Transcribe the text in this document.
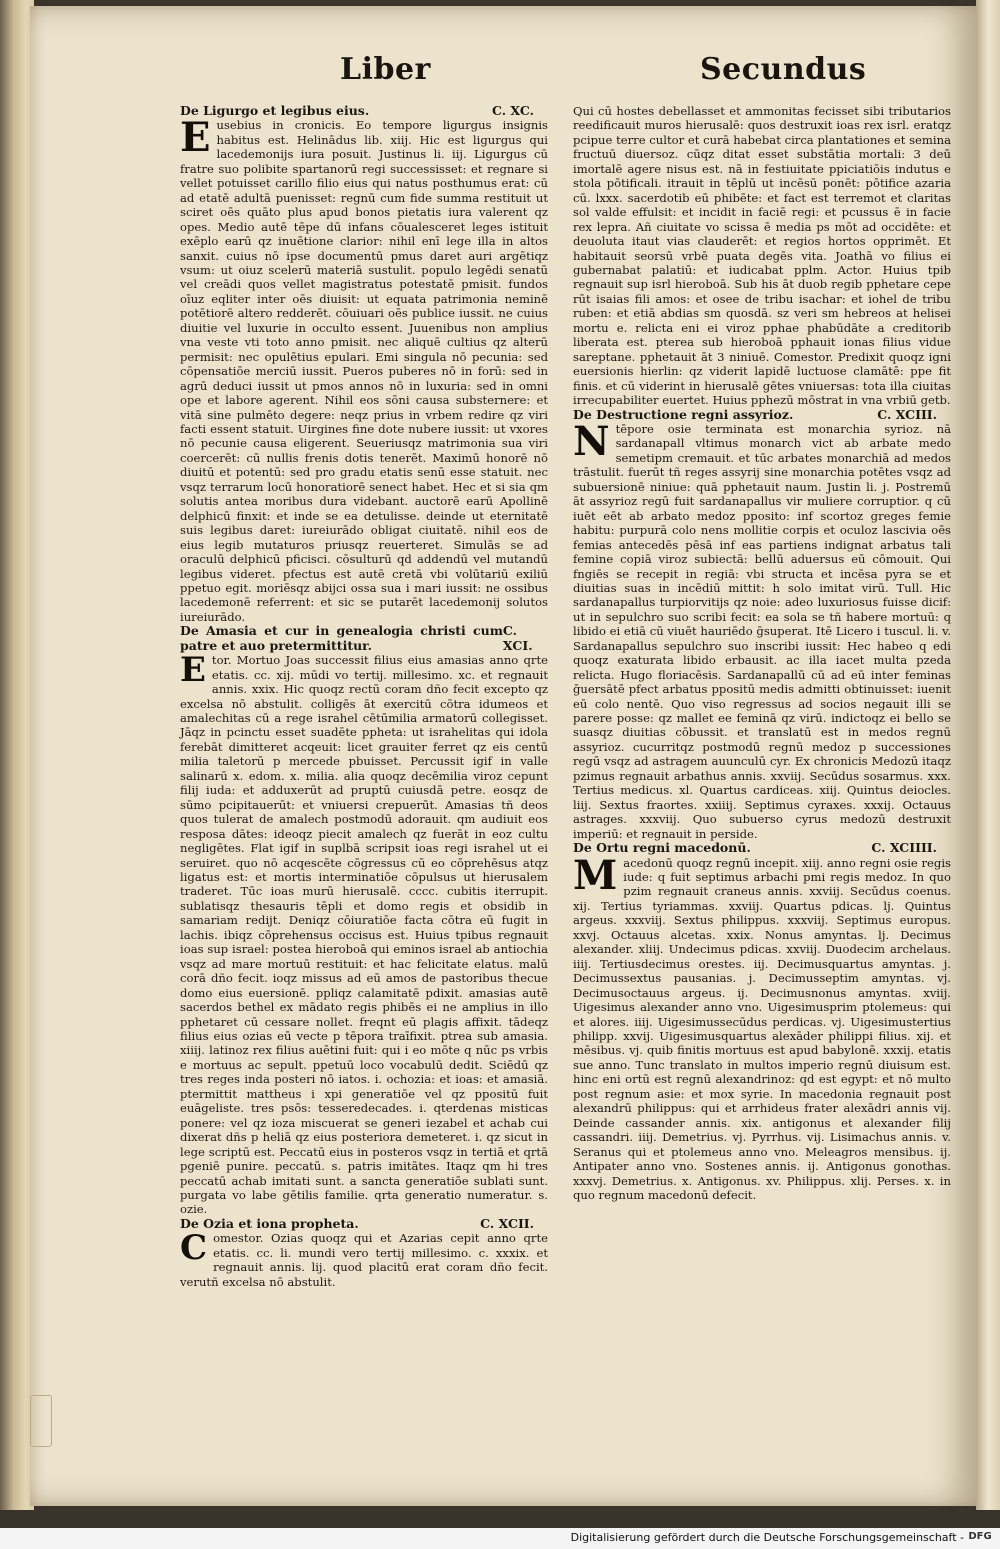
Liber	Secundus
De Ligurgo et legibus eius.	C. XC.

Eusebius in cronicis. Eo tempore ligurgus insignis habitus est. Helinādus lib. xiij. Hic est ligurgus qui lacedemonijs iura posuit. Justinus li. iij. Ligurgus cū fratre suo polibite spartanorū regi successisset: et regnare si vellet potuisset carillo filio eius qui natus posthumus erat: cū ad etatē adultā puenisset: regnū cum fide summa restituit ut sciret oēs quāto plus apud bonos pietatis iura valerent qz opes. Medio autē tēpe dū infans cōualesceret leges istituit exēplo earū qz inuētione clarior: nihil enī lege illa in altos sanxit. cuius nō ipse documentū pmus daret auri argētiqz vsum: ut oiuz scelerū materiā sustulit. populo legēdi senatū vel creādi quos vellet magistratus potestatē pmisit. fundos oīuz eqliter inter oēs diuisit: ut equata patrimonia neminē potētiorē altero redderēt. cōuiuari oēs publice iussit. ne cuius diuitie vel luxurie in occulto essent. Juuenibus non amplius vna veste vti toto anno pmisit. nec aliquē cultius qz alterū permisit: nec opulētius epulari. Emi singula nō pecunia: sed cōpensatiōe merciū iussit. Pueros puberes nō in forū: sed in agrū deduci iussit ut pmos annos nō in luxuria: sed in omni ope et labore agerent. Nihil eos sōni causa substernere: et vitā sine pulmēto degere: neqz prius in vrbem redire qz viri facti essent statuit. Uirgines fine dote nubere iussit: ut vxores nō pecunie causa eligerent. Seueriusqz matrimonia sua viri coercerēt: cū nullis frenis dotis tenerēt. Maximū honorē nō diuitū et potentū: sed pro gradu etatis senū esse statuit. nec vsqz terrarum locū honoratiorē senect habet. Hec et si sia qm solutis antea moribus dura videbant. auctorē earū Apollinē delphicū finxit: et inde se ea detulisse. deinde ut eternitatē suis legibus daret: iureiurādo obligat ciuitatē. nihil eos de eius legib mutaturos priusqz reuerteret. Simulās se ad oraculū delphicū pficisci. cōsulturū qd addendū vel mutandū legibus videret. pfectus est autē cretā vbi volūtariū exiliū ppetuo egit. moriēsqz abijci ossa sua i mari iussit: ne ossibus lacedemonē referrent: et sic se putarēt lacedemonij solutos iureiurādo.

De Amasia et cur in genealogia christi cum patre et auo pretermittitur.
C. XCI.

Etor. Mortuo Joas successit filius eius amasias anno qrte etatis. cc. xij. mūdi vo tertij. millesimo. xc. et regnauit annis. xxix. Hic quoqz rectū coram dño fecit excepto qz excelsa nō abstulit. colligēs āt exercitū cōtra idumeos et amalechitas cū a rege israhel cētūmilia armatorū collegisset. Jāqz in pcinctu esset suadēte ppheta: ut israhelitas qui idola ferebāt dimitteret acqeuit: licet grauiter ferret qz eis centū milia taletorū p mercede pbuisset. Percussit igif in valle salinarū x. edom. x. milia. alia quoqz decēmilia viroz cepunt filij iuda: et adduxerūt ad pruptū cuiusdā petre. eosqz de sūmo pcipitauerūt: et vniuersi crepuerūt. Amasias tñ deos quos tulerat de amalech postmodū adorauit. qm audiuit eos resposa dātes: ideoqz piecit amalech qz fuerāt in eoz cultu negligētes. Flat igif in suplbā scripsit ioas regi israhel ut ei seruiret. quo nō acqescēte cōgressus cū eo cōprehēsus atqz ligatus est: et mortis interminatiōe cōpulsus ut hierusalem traderet. Tūc ioas murū hierusalē. cccc. cubitis iterrupit. sublatisqz thesauris tēpli et domo regis et obsidib in samariam redijt. Deniqz cōiuratiōe facta cōtra eū fugit in lachis. ibiqz cōprehensus occisus est. Huius tpibus regnauit ioas sup israel: postea hieroboā qui eminos israel ab antiochia vsqz ad mare mortuū restituit: et hac felicitate elatus. malū corā dño fecit. ioqz missus ad eū amos de pastoribus thecue domo eius euersionē. ppliqz calamitatē pdixit. amasias autē sacerdos bethel ex mādato regis phibēs ei ne amplius in illo pphetaret cū cessare nollet. freqnt eū plagis affixit. tādeqz filius eius ozias eū vecte p tēpora traīfixit. ptrea sub amasia. xiiij. latinoz rex filius auētini fuit: qui i eo mōte q nūc ps vrbis e mortuus ac sepult. ppetuū loco vocabulū dedit. Sciēdū qz tres reges inda posteri nō iatos. i. ochozia: et ioas: et amasiā. ptermittit mattheus i xpi generatiōe vel qz ppositū fuit euāgeliste. tres psōs: tesseredecades. i. qterdenas misticas ponere: vel qz ioza miscuerat se generi iezabel et achab cui dixerat dñs p heliā qz eius posteriora demeteret. i. qz sicut in lege scriptū est. Peccatū eius in posteros vsqz in tertiā et qrtā pgeniē punire. peccatū. s. patris imitātes. Itaqz qm hi tres peccatū achab imitati sunt. a sancta generatiōe sublati sunt. purgata vo labe gētilis familie. qrta generatio numeratur. s. ozie.

De Ozia et iona propheta.	C. XCII.

Comestor. Ozias quoqz qui et Azarias cepit anno qrte etatis. cc. li. mundi vero tertij millesimo. c. xxxix. et regnauit annis. lij. quod placitū erat coram dño fecit. verutñ excelsa nō abstulit.

Qui cū hostes debellasset et ammonitas fecisset sibi tributarios reedificauit muros hierusalē: quos destruxit ioas rex isrl. eratqz pcipue terre cultor et curā habebat circa plantationes et semina fructuū diuersoz. cūqz ditat esset substātia mortali: 3 deū imortalē agere nisus est. nā in festiuitate ppiciatiōis indutus e stola pōtificali. itrauit in tēplū ut incēsū ponēt: pōtifice azaria cū. lxxx. sacerdotib eū phibēte: et fact est terremot et claritas sol valde effulsit: et incidit in faciē regi: et pcussus ē in facie rex lepra. Añ ciuitate vo scissa ē media ps mōt ad occidēte: et deuoluta itaut vias clauderēt: et regios hortos opprimēt. Et habitauit seorsū vrbē puata degēs vita. Joathā vo filius ei gubernabat palatiū: et iudicabat pplm. Actor. Huius tpib regnauit sup isrl hieroboā. Sub his āt duob regib pphetare cepe rūt isaias fili amos: et osee de tribu isachar: et iohel de tribu ruben: et etiā abdias sm quosdā. sz veri sm hebreos at helisei mortu e. relicta eni ei viroz pphae phabūdāte a creditorib liberata est. pterea sub hieroboā pphauit ionas filius vidue sareptane. pphetauit āt 3 niniuē. Comestor. Predixit quoqz igni euersionis hierlin: qz viderit lapidē luctuose clamātē: ppe fit finis. et cū viderint in hierusalē gētes vniuersas: tota illa ciuitas irrecupabiliter euertet. Huius pphezū mōstrat in vna vrbiū getb.

De Destructione regni assyrioz.	C. XCIII.

Ntēpore osie terminata est monarchia syrioz. nā sardanapall vltimus monarch vict ab arbate medo semetipm cremauit. et tūc arbates monarchiā ad medos trāstulit. fuerūt tñ reges assyrij sine monarchia potētes vsqz ad subuersionē niniue: quā pphetauit naum. Justin li. j. Postremū āt assyrioz regū fuit sardanapallus vir muliere corruptior. q cū iuēt eēt ab arbato medoz pposito: inf scortoz greges femie habitu: purpurā colo nens mollitie corpis et oculoz lascivia oēs femias antecedēs pēsā inf eas partiens indignat arbatus tali femine copiā viroz subiectā: bellū aduersus eū cōmouit. Qui fngiēs se recepit in regiā: vbi structa et incēsa pyra se et diuitias suas in incēdiū mittit: h solo imitat virū. Tull. Hic sardanapallus turpiorvitijs qz noie: adeo luxuriosus fuisse dicif: ut in sepulchro suo scribi fecit: ea sola se tñ habere mortuū: q libido ei etiā cū viuēt hauriēdo ḡsuperat. Itē Licero i tuscul. li. v. Sardanapallus sepulchro suo inscribi iussit: Hec habeo q edi quoqz exaturata libido erbausit. ac illa iacet multa pzeda relicta. Hugo floriacēsis. Sardanapallū cū ad eū inter feminas ḡuersātē pfect arbatus ppositū medis admitti obtinuisset: iuenit eū colo nentē. Quo viso regressus ad socios negauit illi se parere posse: qz mallet ee feminā qz virū. indictoqz ei bello se suasqz diuitias cōbussit. et translatū est in medos regnū assyrioz. cucurritqz postmodū regnū medoz p successiones regū vsqz ad astragem auunculū cyr. Ex chronicis Medozū itaqz pzimus regnauit arbathus annis. xxviij. Secūdus sosarmus. xxx. Tertius medicus. xl. Quartus cardiceas. xiij. Quintus deiocles. liij. Sextus fraortes. xxiiij. Septimus cyraxes. xxxij. Octauus astrages. xxxviij. Quo subuerso cyrus medozū destruxit imperiū: et regnauit in perside.

De Ortu regni macedonū.	C. XCIIII.

Macedonū quoqz regnū incepit. xiij. anno regni osie regis iude: q fuit septimus arbachi pmi regis medoz. In quo pzim regnauit craneus annis. xxviij. Secūdus coenus. xij. Tertius tyriammas. xxviij. Quartus pdicas. lj. Quintus argeus. xxxviij. Sextus philippus. xxxviij. Septimus europus. xxvj. Octauus alcetas. xxix. Nonus amyntas. lj. Decimus alexander. xliij. Undecimus pdicas. xxviij. Duodecim archelaus. iiij. Tertiusdecimus orestes. iij. Decimusquartus amyntas. j. Decimussextus pausanias. j. Decimusseptim amyntas. vj. Decimusoctauus argeus. ij. Decimusnonus amyntas. xviij. Uigesimus alexander anno vno. Uigesimusprim ptolemeus: qui et alores. iiij. Uigesimussecūdus perdicas. vj. Uigesimustertius philipp. xxvij. Uigesimusquartus alexāder philippi filius. xij. et mēsibus. vj. quib finitis mortuus est apud babylonē. xxxij. etatis sue anno. Tunc translato in multos imperio regnū diuisum est. hinc eni ortū est regnū alexandrinoz: qd est egypt: et nō multo post regnum asie: et mox syrie. In macedonia regnauit post alexandrū philippus: qui et arrhideus frater alexādri annis vij. Deinde cassander annis. xix. antigonus et alexander filij cassandri. iiij. Demetrius. vj. Pyrrhus. vij. Lisimachus annis. v. Seranus qui et ptolemeus anno vno. Meleagros mensibus. ij. Antipater anno vno. Sostenes annis. ij. Antigonus gonothas. xxxvj. Demetrius. x. Antigonus. xv. Philippus. xlij. Perses. x. in quo regnum macedonū defecit.

Digitalisierung gefördert durch die Deutsche Forschungsgemeinschaft - DFG
